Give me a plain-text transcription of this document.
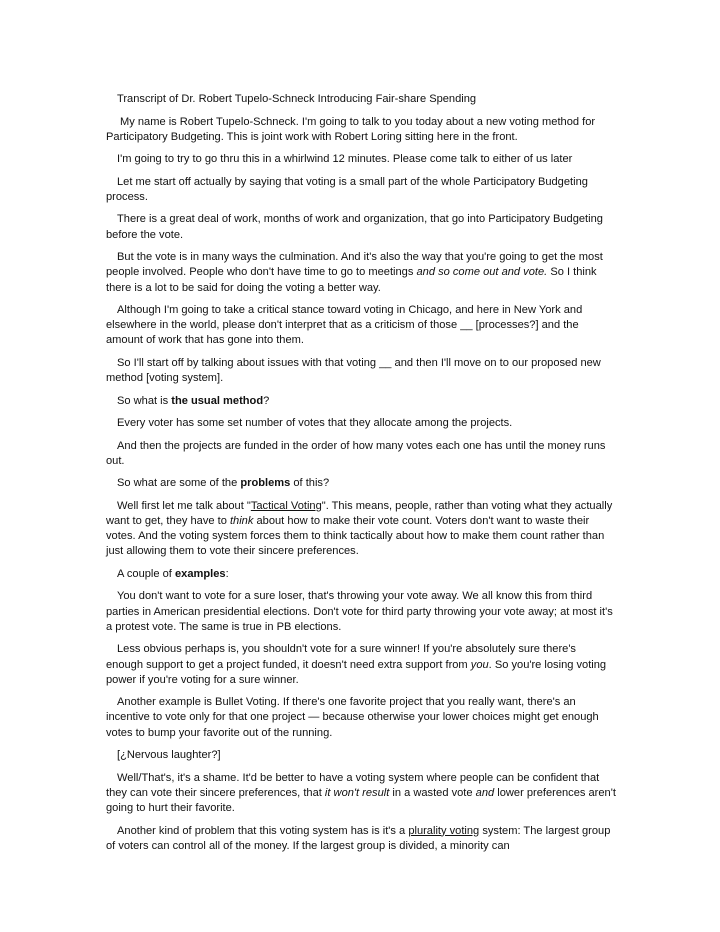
Transcript of Dr. Robert Tupelo-Schneck Introducing Fair-share Spending

My name is Robert Tupelo-Schneck. I'm going to talk to you today about a new voting method for Participatory Budgeting. This is joint work with Robert Loring sitting here in the front.

I'm going to try to go thru this in a whirlwind 12 minutes. Please come talk to either of us later

Let me start off actually by saying that voting is a small part of the whole Participatory Budgeting process.

There is a great deal of work, months of work and organization, that go into Participatory Budgeting before the vote.

But the vote is in many ways the culmination. And it's also the way that you're going to get the most people involved. People who don't have time to go to meetings and so come out and vote. So I think there is a lot to be said for doing the voting a better way.

Although I'm going to take a critical stance toward voting in Chicago, and here in New York and elsewhere in the world, please don't interpret that as a criticism of those __ [processes?] and the amount of work that has gone into them.

So I'll start off by talking about issues with that voting __ and then I'll move on to our proposed new method [voting system].

So what is the usual method?

Every voter has some set number of votes that they allocate among the projects.

And then the projects are funded in the order of how many votes each one has until the money runs out.

So what are some of the problems of this?

Well first let me talk about "Tactical Voting". This means, people, rather than voting what they actually want to get, they have to think about how to make their vote count. Voters don't want to waste their votes. And the voting system forces them to think tactically about how to make them count rather than just allowing them to vote their sincere preferences.

A couple of examples:

You don't want to vote for a sure loser, that's throwing your vote away. We all know this from third parties in American presidential elections. Don't vote for third party throwing your vote away; at most it's a protest vote. The same is true in PB elections.

Less obvious perhaps is, you shouldn't vote for a sure winner! If you're absolutely sure there's enough support to get a project funded, it doesn't need extra support from you. So you're losing voting power if you're voting for a sure winner.

Another example is Bullet Voting. If there's one favorite project that you really want, there's an incentive to vote only for that one project — because otherwise your lower choices might get enough votes to bump your favorite out of the running.

[¿Nervous laughter?]

Well/That's, it's a shame. It'd be better to have a voting system where people can be confident that they can vote their sincere preferences, that it won't result in a wasted vote and lower preferences aren't going to hurt their favorite.

Another kind of problem that this voting system has is it's a plurality voting system: The largest group of voters can control all of the money. If the largest group is divided, a minority can
